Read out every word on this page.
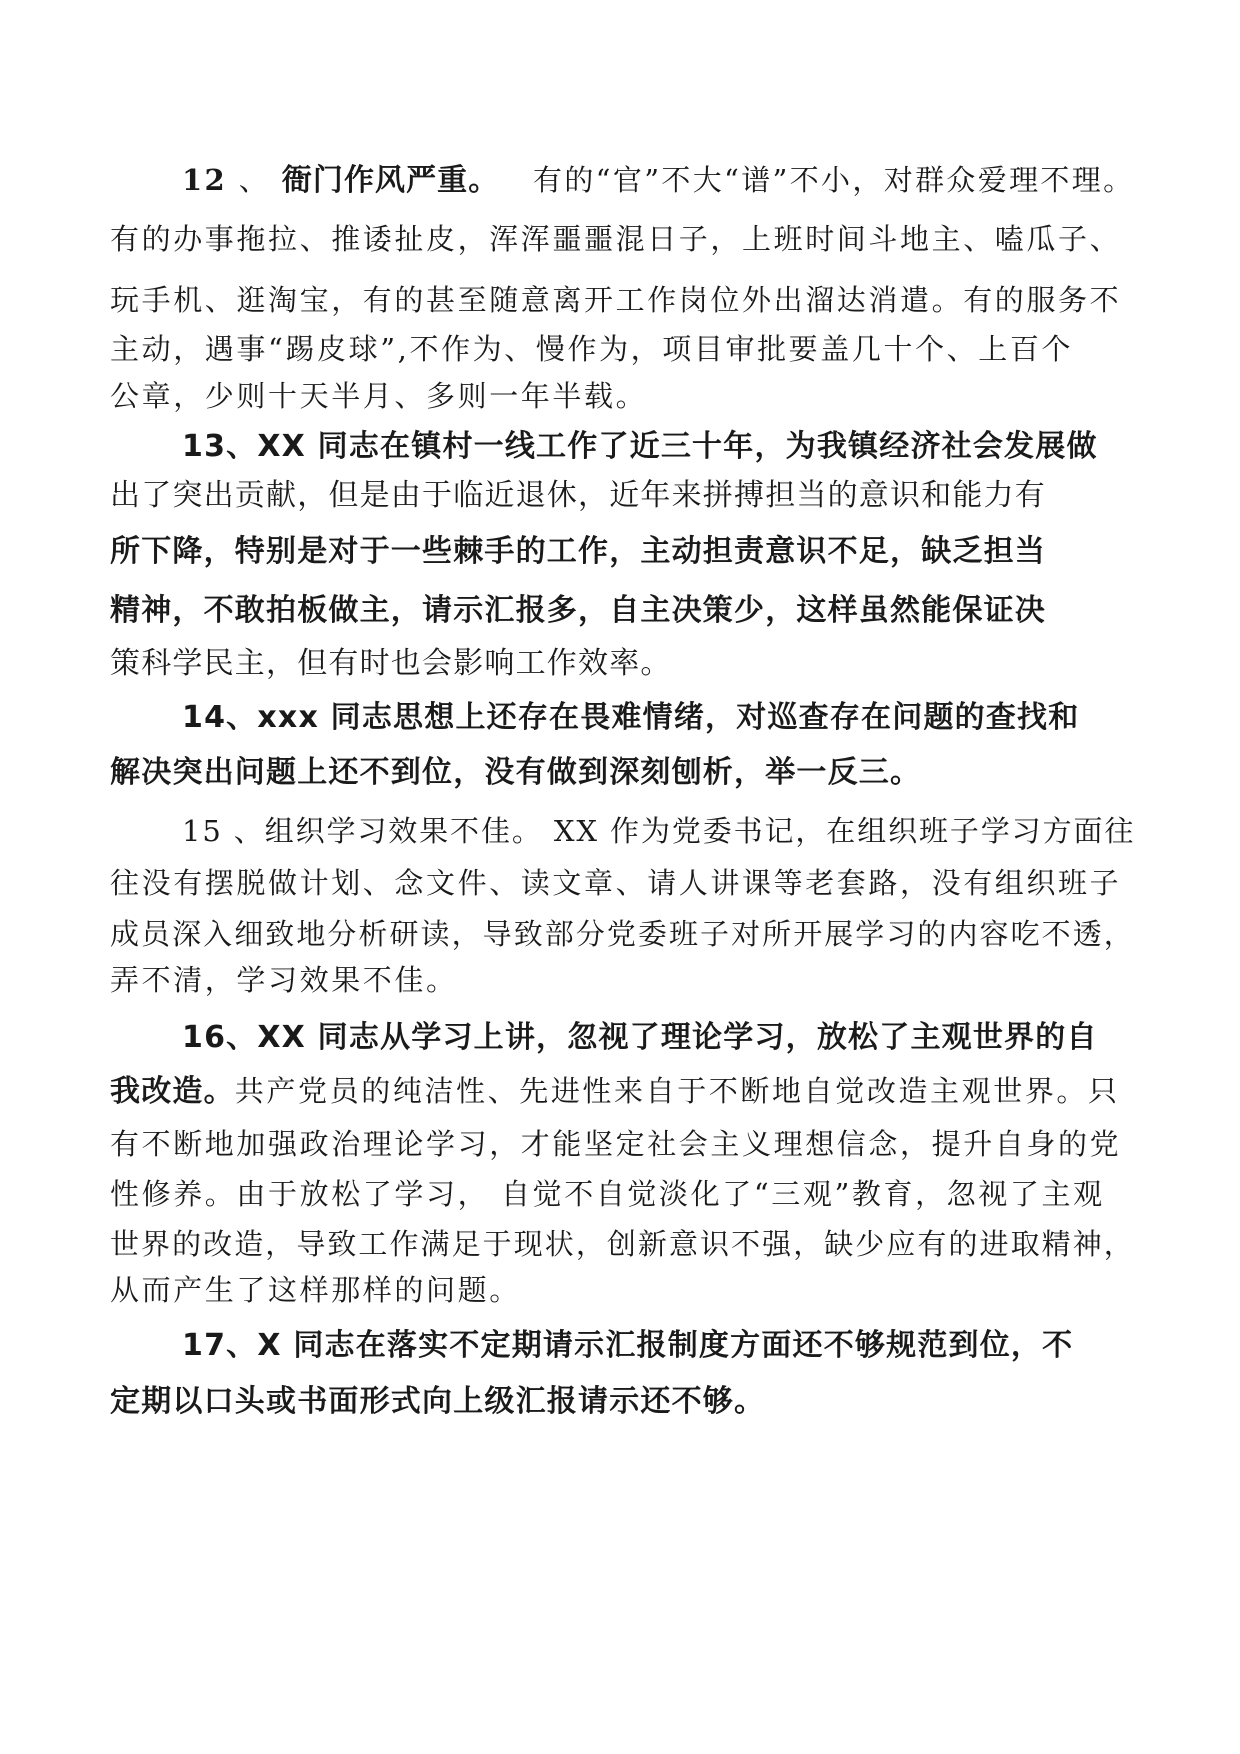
12 、 衙门作风严重。 有的“官”不大“谱”不小，对群众爱理不理。
有的办事拖拉、推诿扯皮，浑浑噩噩混日子，上班时间斗地主、嗑瓜子、
玩手机、逛淘宝，有的甚至随意离开工作岗位外出溜达消遣。有的服务不
主动，遇事“踢皮球”,不作为、慢作为，项目审批要盖几十个、上百个
公章，少则十天半月、多则一年半载。
13、XX 同志在镇村一线工作了近三十年，为我镇经济社会发展做
出了突出贡献，但是由于临近退休，近年来拼搏担当的意识和能力有
所下降，特别是对于一些棘手的工作，主动担责意识不足，缺乏担当
精神，不敢拍板做主，请示汇报多，自主决策少，这样虽然能保证决
策科学民主，但有时也会影响工作效率。
14、xxx 同志思想上还存在畏难情绪，对巡查存在问题的查找和
解决突出问题上还不到位，没有做到深刻刨析，举一反三。
15 、组织学习效果不佳。 XX 作为党委书记，在组织班子学习方面往
往没有摆脱做计划、念文件、读文章、请人讲课等老套路，没有组织班子
成员深入细致地分析研读，导致部分党委班子对所开展学习的内容吃不透，
弄不清，学习效果不佳。
16、XX 同志从学习上讲，忽视了理论学习，放松了主观世界的自
我改造。共产党员的纯洁性、先进性来自于不断地自觉改造主观世界。只
有不断地加强政治理论学习，才能坚定社会主义理想信念，提升自身的党
性修养。由于放松了学习， 自觉不自觉淡化了“三观”教育，忽视了主观
世界的改造，导致工作满足于现状，创新意识不强，缺少应有的进取精神，
从而产生了这样那样的问题。
17、X 同志在落实不定期请示汇报制度方面还不够规范到位，不
定期以口头或书面形式向上级汇报请示还不够。
